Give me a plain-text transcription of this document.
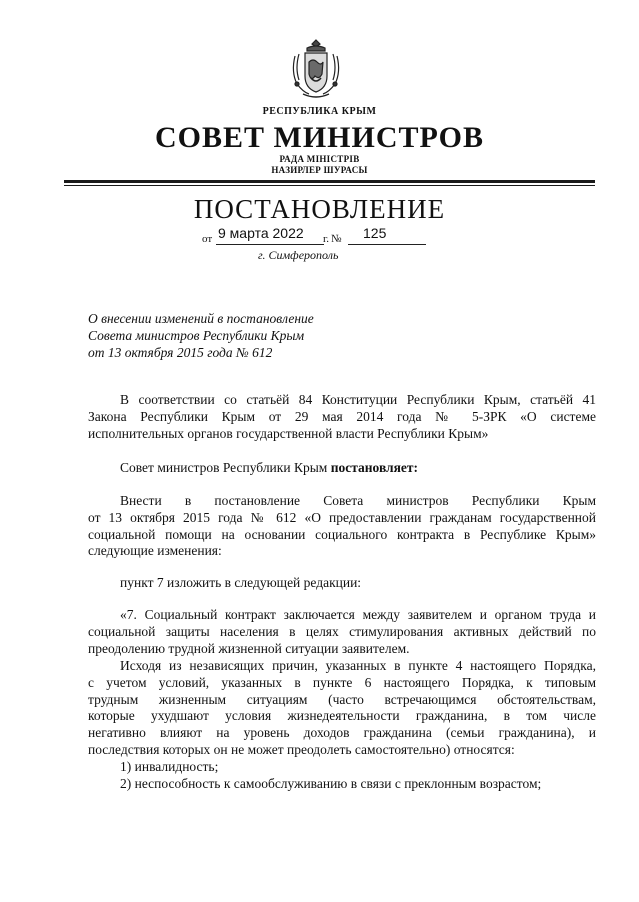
РЕСПУБЛИКА КРЫМ
СОВЕТ МИНИСТРОВ
РАДА МІНІСТРІВ
НАЗИРЛЕР ШУРАСЫ
ПОСТАНОВЛЕНИЕ
от 9 марта 2022 г. № 125
г. Симферополь
О внесении изменений в постановление
Совета министров Республики Крым
от 13 октября 2015 года № 612
В соответствии со статьёй 84 Конституции Республики Крым, статьёй 41
Закона Республики Крым от 29 мая 2014 года № 5-ЗРК «О системе
исполнительных органов государственной власти Республики Крым»
Совет министров Республики Крым постановляет:
Внести в постановление Совета министров Республики Крым
от 13 октября 2015 года № 612 «О предоставлении гражданам государственной
социальной помощи на основании социального контракта в Республике Крым»
следующие изменения:
пункт 7 изложить в следующей редакции:
«7. Социальный контракт заключается между заявителем и органом труда и
социальной защиты населения в целях стимулирования активных действий по
преодолению трудной жизненной ситуации заявителем.
Исходя из независящих причин, указанных в пункте 4 настоящего Порядка,
с учетом условий, указанных в пункте 6 настоящего Порядка, к типовым
трудным жизненным ситуациям (часто встречающимся обстоятельствам,
которые ухудшают условия жизнедеятельности гражданина, в том числе
негативно влияют на уровень доходов гражданина (семьи гражданина), и
последствия которых он не может преодолеть самостоятельно) относятся:
1) инвалидность;
2) неспособность к самообслуживанию в связи с преклонным возрастом;
